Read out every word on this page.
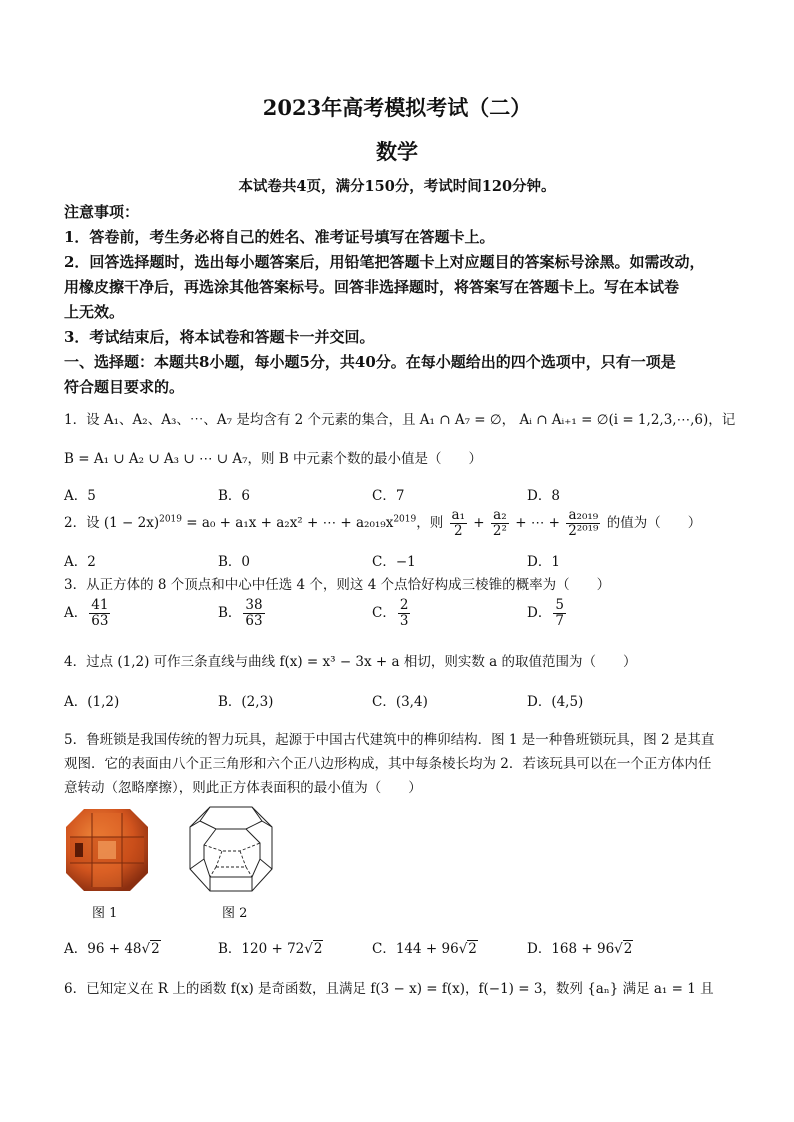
2023年高考模拟考试（二）
数学
本试卷共4页，满分150分，考试时间120分钟。
注意事项：
1．答卷前，考生务必将自己的姓名、准考证号填写在答题卡上。
2．回答选择题时，选出每小题答案后，用铅笔把答题卡上对应题目的答案标号涂黑。如需改动，
用橡皮擦干净后，再选涂其他答案标号。回答非选择题时，将答案写在答题卡上。写在本试卷
上无效。
3．考试结束后，将本试卷和答题卡一并交回。
一、选择题：本题共8小题，每小题5分，共40分。在每小题给出的四个选项中，只有一项是
符合题目要求的。
1．设 A₁、A₂、A₃、⋯、A₇ 是均含有 2 个元素的集合，且 A₁ ∩ A₇ = ∅， Aᵢ ∩ Aᵢ₊₁ = ∅(i = 1,2,3,⋯,6)，记
B = A₁ ∪ A₂ ∪ A₃ ∪ ⋯ ∪ A₇，则 B 中元素个数的最小值是（　　）
A．5	B．6	C．7	D．8
2．设 $(1 - 2x)^{2019} = a_0 + a_1x + a_2x^2$ + ⋯ + $a_{2019}x^{2019}$，则 $\frac{\text{a₁}}{2} + \frac{\text{a₂}}{\text{2²}}$ + ⋯ + $\frac{\text{a₂₀₁₉}}{\text{2²⁰¹⁹}}$ 的值为（　　）
A．2	B．0	C．−1	D．1
3．从正方体的 8 个顶点和中心中任选 4 个，则这 4 个点恰好构成三棱锥的概率为（　　）
A． $\frac{41}{63}$	B． $\frac{38}{63}$	C． $\frac{2}{3}$	D． $\frac{5}{7}$
4．过点 (1,2) 可作三条直线与曲线 f(x) = x³ − 3x + a 相切，则实数 a 的取值范围为（　　）
A．(1,2)	B．(2,3)	C．(3,4)	D．(4,5)
5．鲁班锁是我国传统的智力玩具，起源于中国古代建筑中的榫卯结构．图 1 是一种鲁班锁玩具，图 2 是其直
观图．它的表面由八个正三角形和六个正八边形构成，其中每条棱长均为 2．若该玩具可以在一个正方体内任
意转动（忽略摩擦），则此正方体表面积的最小值为（　　）
图 1	图 2
A．96 + 48√2	B．120 + 72√2	C．144 + 96√2	D．168 + 96√2
6．已知定义在 R 上的函数 f(x) 是奇函数，且满足 f(3 − x) = f(x)，f(−1) = 3，数列 {aₙ} 满足 a₁ = 1 且
